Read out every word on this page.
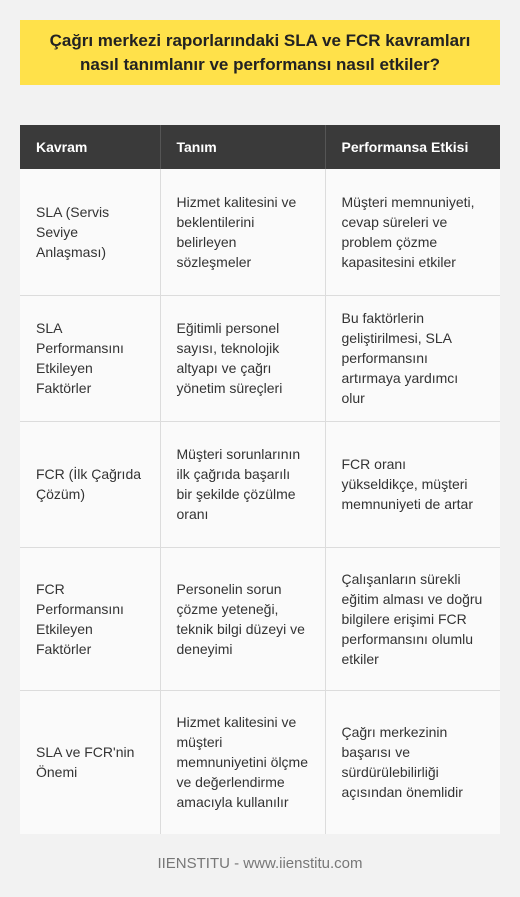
Çağrı merkezi raporlarındaki SLA ve FCR kavramları nasıl tanımlanır ve performansı nasıl etkiler?
Kavram	Tanım	Performansa Etkisi
SLA (Servis Seviye Anlaşması)	Hizmet kalitesini ve beklentilerini belirleyen sözleşmeler	Müşteri memnuniyeti, cevap süreleri ve problem çözme kapasitesini etkiler
SLA Performansını Etkileyen Faktörler	Eğitimli personel sayısı, teknolojik altyapı ve çağrı yönetim süreçleri	Bu faktörlerin geliştirilmesi, SLA performansını artırmaya yardımcı olur
FCR (İlk Çağrıda Çözüm)	Müşteri sorunlarının ilk çağrıda başarılı bir şekilde çözülme oranı	FCR oranı yükseldikçe, müşteri memnuniyeti de artar
FCR Performansını Etkileyen Faktörler	Personelin sorun çözme yeteneği, teknik bilgi düzeyi ve deneyimi	Çalışanların sürekli eğitim alması ve doğru bilgilere erişimi FCR performansını olumlu etkiler
SLA ve FCR'nin Önemi	Hizmet kalitesini ve müşteri memnuniyetini ölçme ve değerlendirme amacıyla kullanılır	Çağrı merkezinin başarısı ve sürdürülebilirliği açısından önemlidir
IIENSTITU - www.iienstitu.com
